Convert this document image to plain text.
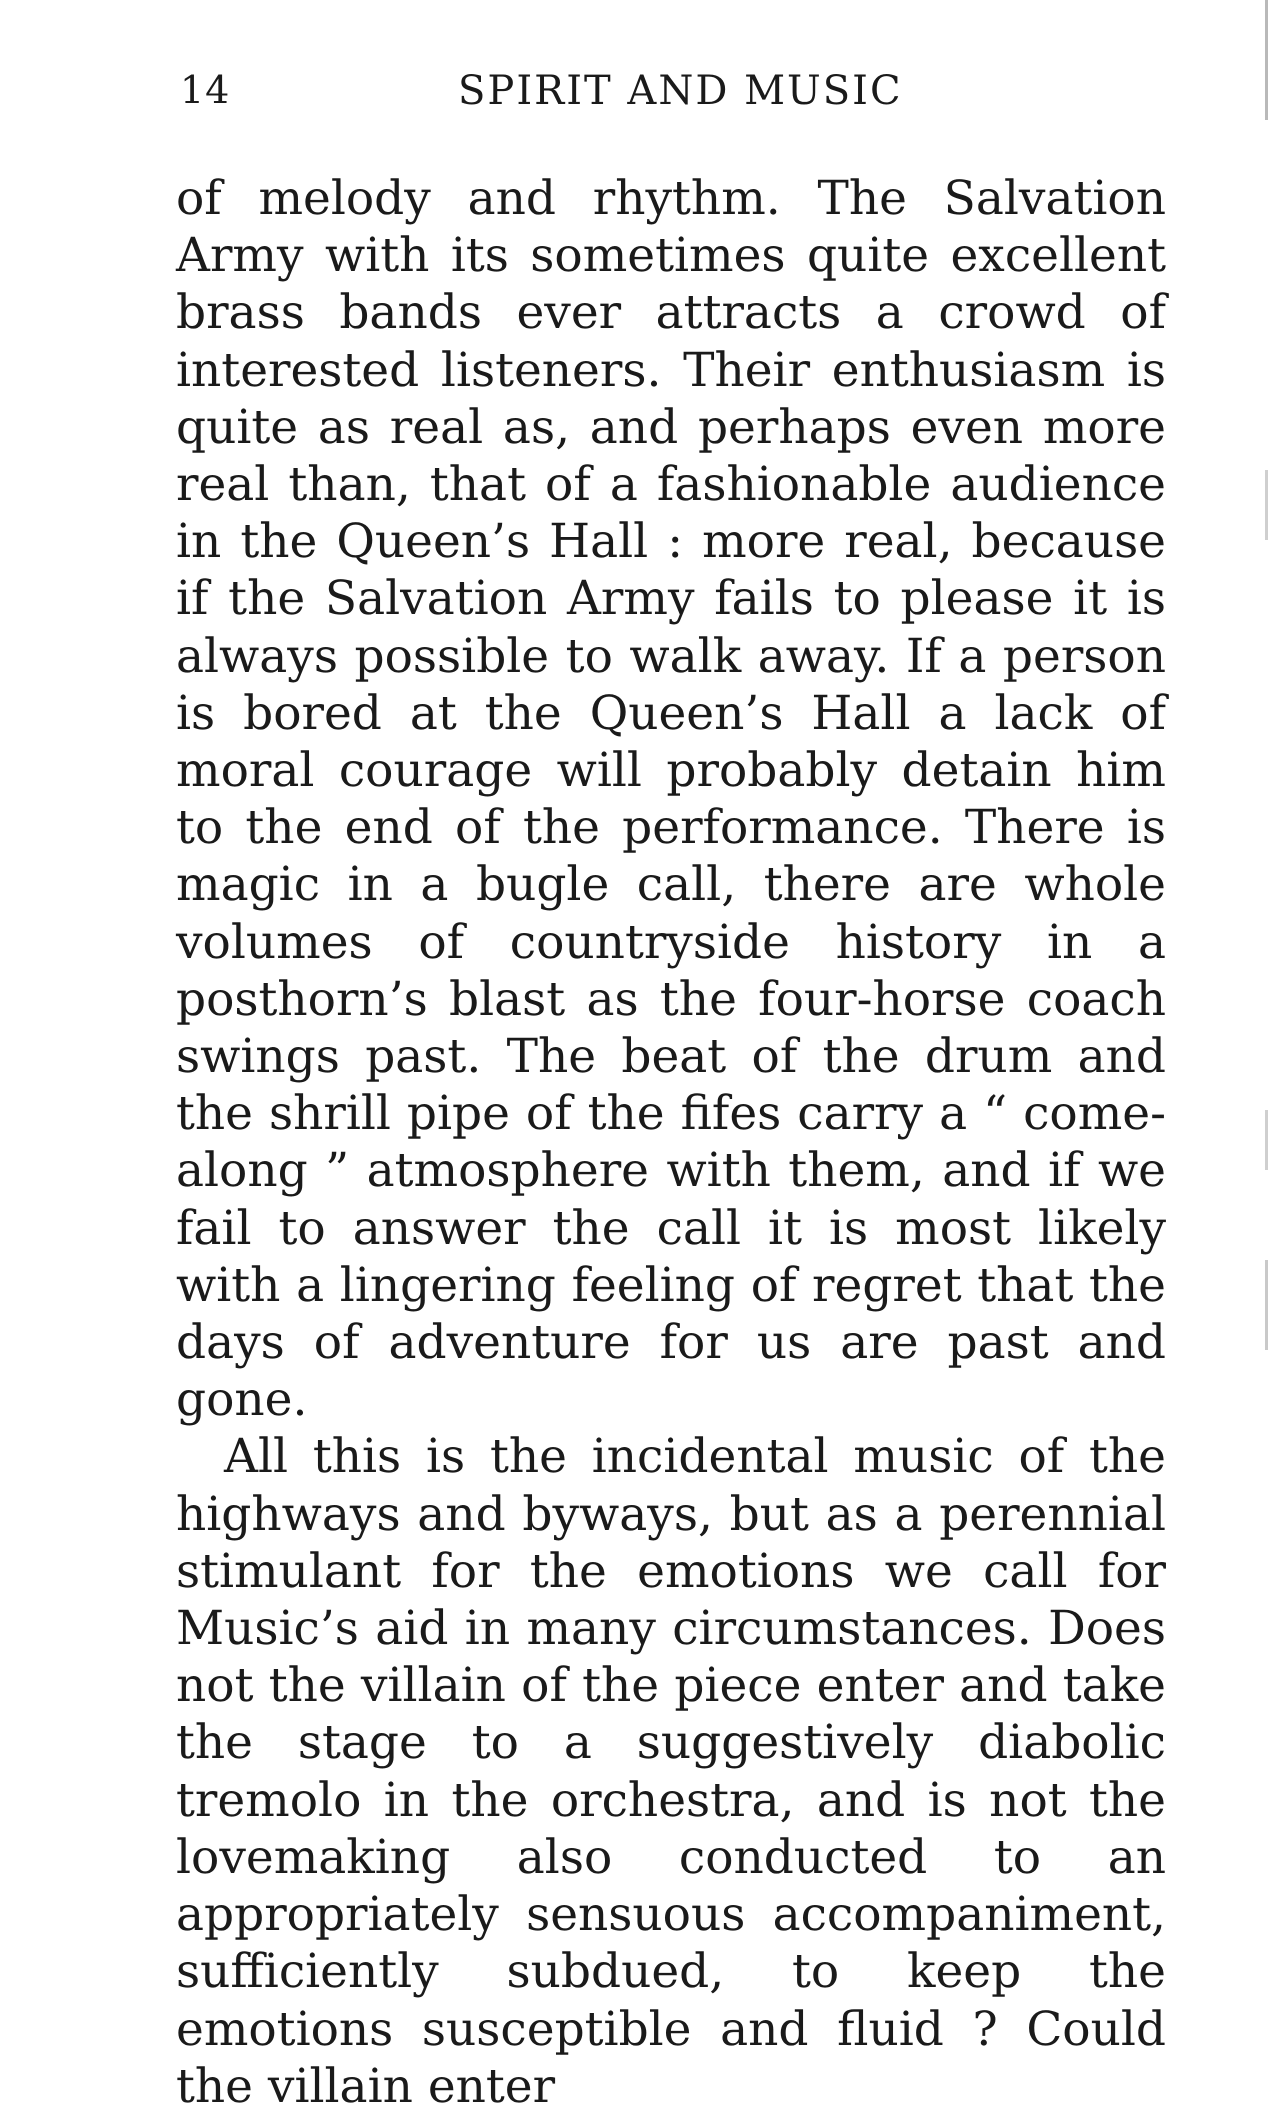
14	SPIRIT AND MUSIC

of melody and rhythm. The Salvation Army with its sometimes quite excellent brass bands ever attracts a crowd of interested listeners. Their enthusiasm is quite as real as, and perhaps even more real than, that of a fashionable audience in the Queen’s Hall : more real, because if the Salvation Army fails to please it is always possible to walk away. If a person is bored at the Queen’s Hall a lack of moral courage will probably detain him to the end of the performance. There is magic in a bugle call, there are whole volumes of countryside history in a posthorn’s blast as the four-horse coach swings past. The beat of the drum and the shrill pipe of the fifes carry a “ come-along ” atmosphere with them, and if we fail to answer the call it is most likely with a lingering feeling of regret that the days of adventure for us are past and gone.

All this is the incidental music of the highways and byways, but as a perennial stimulant for the emotions we call for Music’s aid in many circumstances. Does not the villain of the piece enter and take the stage to a suggestively diabolic tremolo in the orchestra, and is not the lovemaking also conducted to an appropriately sensuous accompaniment, sufficiently subdued, to keep the emotions susceptible and fluid ? Could the villain enter
